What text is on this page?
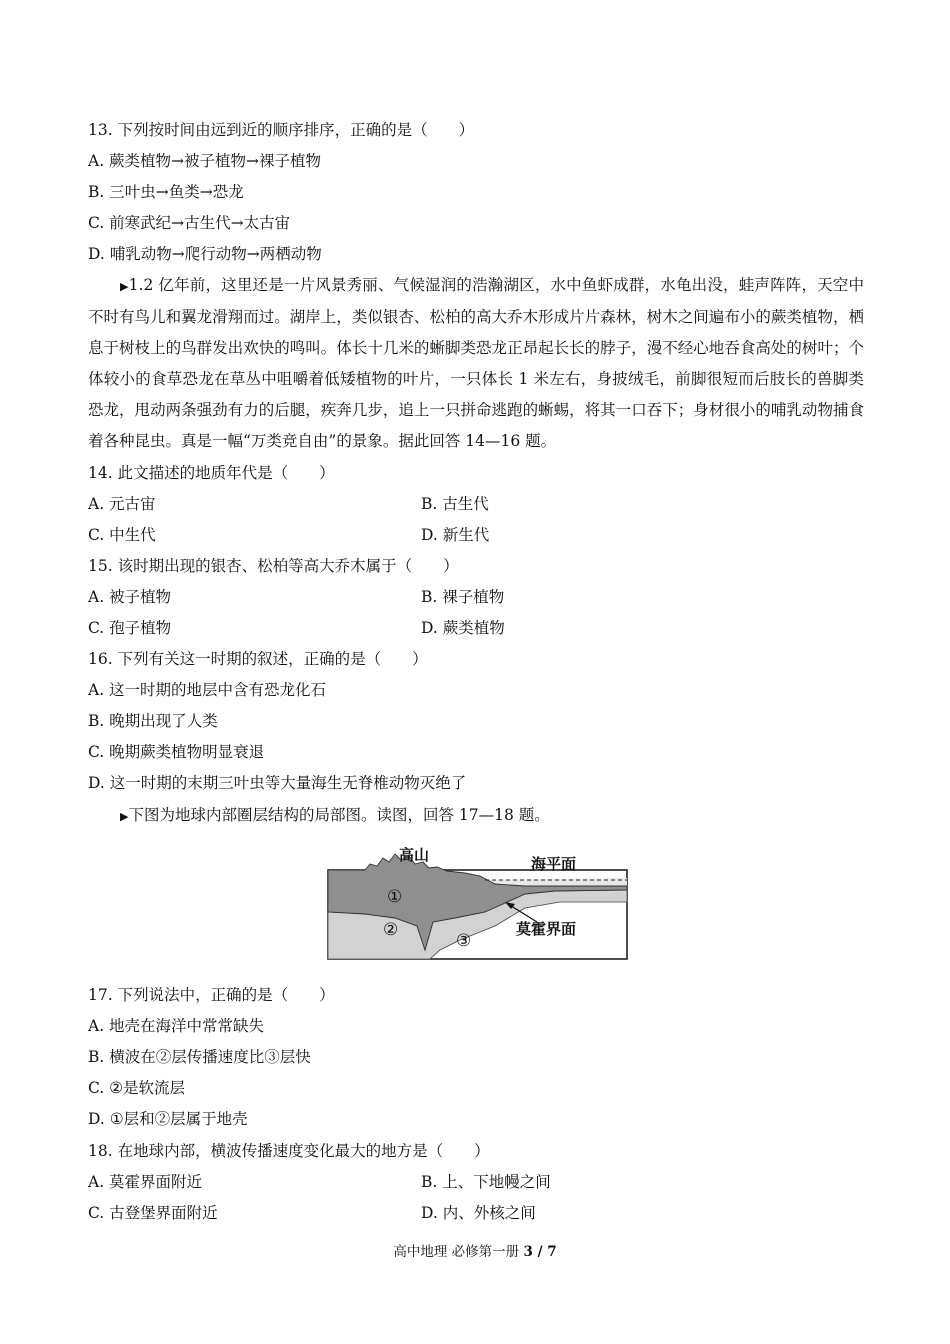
13. 下列按时间由远到近的顺序排序，正确的是（　　）
A. 蕨类植物→被子植物→裸子植物
B. 三叶虫→鱼类→恐龙
C. 前寒武纪→古生代→太古宙
D. 哺乳动物→爬行动物→两栖动物
▶1.2 亿年前，这里还是一片风景秀丽、气候湿润的浩瀚湖区，水中鱼虾成群，水龟出没，蛙声阵阵，天空中不时有鸟儿和翼龙滑翔而过。湖岸上，类似银杏、松柏的高大乔木形成片片森林，树木之间遍布小的蕨类植物，栖息于树枝上的鸟群发出欢快的鸣叫。体长十几米的蜥脚类恐龙正昂起长长的脖子，漫不经心地吞食高处的树叶；个体较小的食草恐龙在草丛中咀嚼着低矮植物的叶片，一只体长 1 米左右，身披绒毛，前脚很短而后肢长的兽脚类恐龙，甩动两条强劲有力的后腿，疾奔几步，追上一只拼命逃跑的蜥蜴，将其一口吞下；身材很小的哺乳动物捕食着各种昆虫。真是一幅“万类竞自由”的景象。据此回答 14—16 题。
14. 此文描述的地质年代是（　　）
A. 元古宙	B. 古生代
C. 中生代	D. 新生代
15. 该时期出现的银杏、松柏等高大乔木属于（　　）
A. 被子植物	B. 裸子植物
C. 孢子植物	D. 蕨类植物
16. 下列有关这一时期的叙述，正确的是（　　）
A. 这一时期的地层中含有恐龙化石
B. 晚期出现了人类
C. 晚期蕨类植物明显衰退
D. 这一时期的末期三叶虫等大量海生无脊椎动物灭绝了
▶下图为地球内部圈层结构的局部图。读图，回答 17—18 题。
高山	海平面
莫霍界面
①
②
③
17. 下列说法中，正确的是（　　）
A. 地壳在海洋中常常缺失
B. 横波在②层传播速度比③层快
C. ②是软流层
D. ①层和②层属于地壳
18. 在地球内部，横波传播速度变化最大的地方是（　　）
A. 莫霍界面附近	B. 上、下地幔之间
C. 古登堡界面附近	D. 内、外核之间
高中地理 必修第一册 3 / 7
